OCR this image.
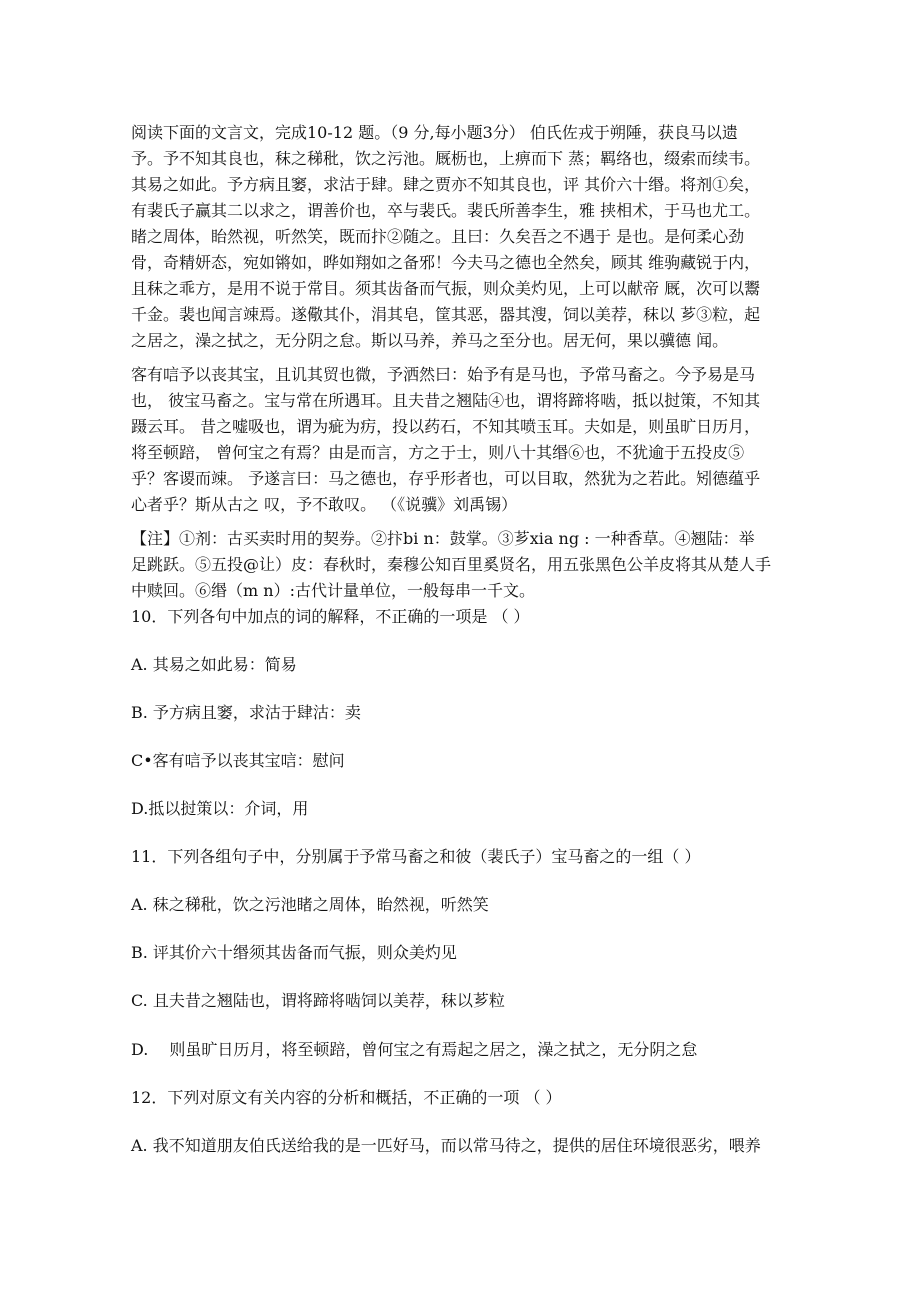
阅读下面的文言文，完成10-12 题。（9 分,每小题3分） 伯氏佐戎于朔陲，获良马以遗
予。予不知其良也，秣之稊秕，饮之污池。厩枥也，上痹而下 蒸；羁络也，缀索而续韦。
其易之如此。予方病且窭，求沽于肆。肆之贾亦不知其良也，评 其价六十缗。将剂①矣，
有裴氏子赢其二以求之，谓善价也，卒与裴氏。裴氏所善李生，雅 挟相术，于马也尤工。
睹之周体，眙然视，听然笑，既而抃②随之。且曰：久矣吾之不遇于 是也。是何柔心劲
骨，奇精妍态，宛如锵如，晔如翔如之备邪！今夫马之德也全然矣，顾其 维驹藏锐于内，
且秣之乖方，是用不说于常目。须其齿备而气振，则众美灼见，上可以献帝 厩，次可以鬻
千金。裴也闻言竦焉。遂儆其仆，涓其皂，筐其恶，器其溲，饲以美荐，秣以 芗③粒，起
之居之，澡之拭之，无分阴之怠。斯以马养，养马之至分也。居无何，果以骥德 闻。
客有唁予以丧其宝，且讥其贸也微，予洒然曰：始予有是马也，予常马畜之。今予易是马
也， 彼宝马畜之。宝与常在所遇耳。且夫昔之翘陆④也，谓将蹄将啮，抵以挝策，不知其
蹑云耳。 昔之嘘吸也，谓为疵为疠，投以药石，不知其喷玉耳。夫如是，则虽旷日历月，
将至顿踣， 曾何宝之有焉？由是而言，方之于士，则八十其缗⑥也，不犹逾于五投皮⑤
乎？客谡而竦。 予遂言曰：马之德也，存乎形者也，可以目取，然犹为之若此。矧德蕴乎
心者乎？斯从古之 叹，予不敢叹。 （《说骥》刘禹锡）
【注】①剂：古买卖时用的契券。②抃bi n：鼓掌。③芗xia ng : 一种香草。④翘陆：举
足跳跃。⑤五投@让）皮：春秋时，秦穆公知百里奚贤名，用五张黑色公羊皮将其从楚人手
中赎回。⑥缗（m n）:古代计量单位，一般每串一千文。
10．下列各句中加点的词的解释，不正确的一项是 （ ）
A. 其易之如此易：简易
B. 予方病且窭，求沽于肆沽：卖
C•客有唁予以丧其宝唁：慰问
D.抵以挝策以：介词，用
11．下列各组句子中，分别属于予常马畜之和彼（裴氏子）宝马畜之的一组（ ）
A. 秣之稊秕，饮之污池睹之周体，眙然视，听然笑
B. 评其价六十缗须其齿备而气振，则众美灼见
C. 且夫昔之翘陆也，谓将蹄将啮饲以美荐，秣以芗粒
D.　 则虽旷日历月，将至顿踣，曾何宝之有焉起之居之，澡之拭之，无分阴之怠
12．下列对原文有关内容的分析和概括，不正确的一项 （ ）
A. 我不知道朋友伯氏送给我的是一匹好马，而以常马待之，提供的居住环境很恶劣，喂养
